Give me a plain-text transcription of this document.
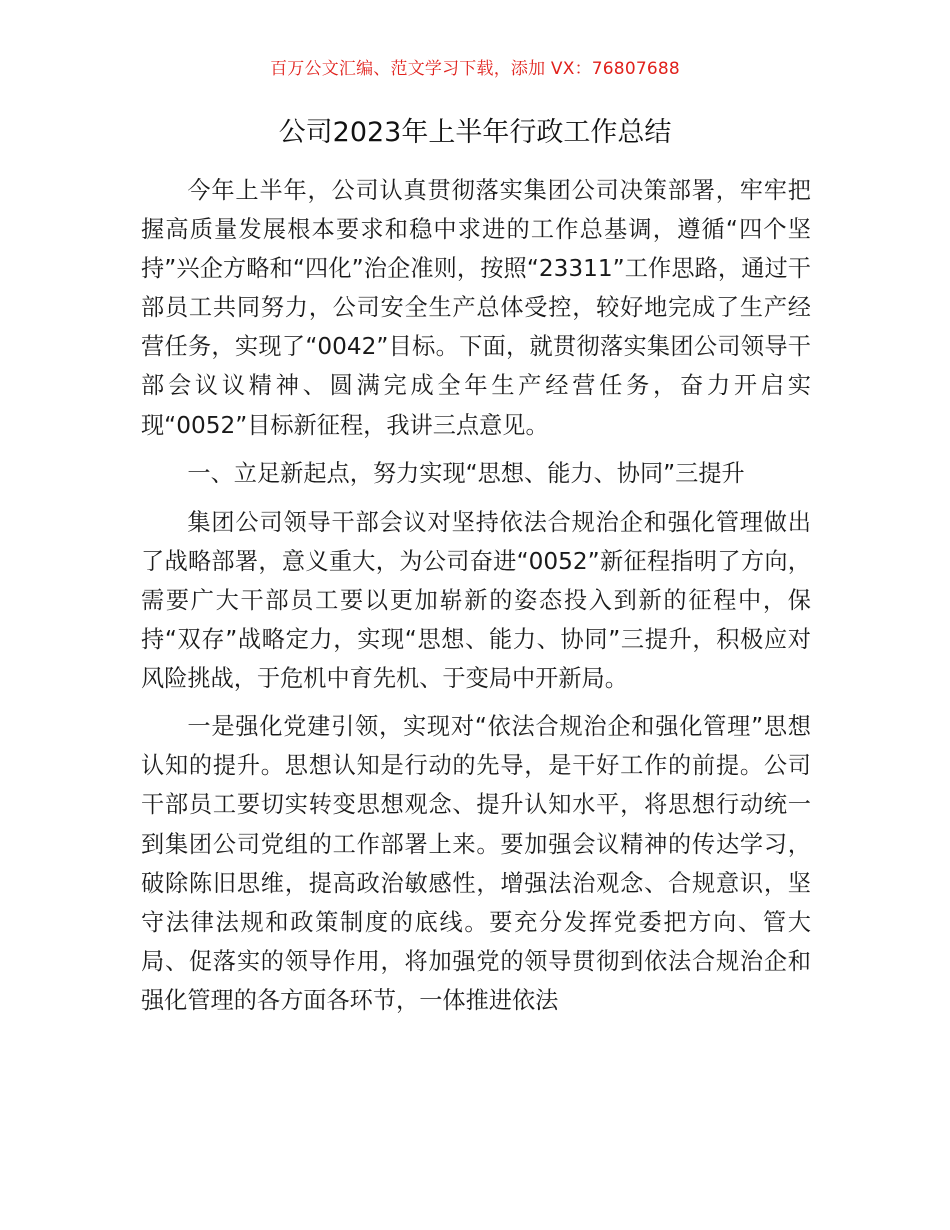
百万公文汇编、范文学习下载，添加 VX：76807688
公司2023年上半年行政工作总结

今年上半年，公司认真贯彻落实集团公司决策部署，牢牢把握高质量发展根本要求和稳中求进的工作总基调，遵循“四个坚持”兴企方略和“四化”治企准则，按照“23311”工作思路，通过干部员工共同努力，公司安全生产总体受控，较好地完成了生产经营任务，实现了“0042”目标。下面，就贯彻落实集团公司领导干部会议议精神、圆满完成全年生产经营任务，奋力开启实现“0052”目标新征程，我讲三点意见。

一、立足新起点，努力实现“思想、能力、协同”三提升

集团公司领导干部会议对坚持依法合规治企和强化管理做出了战略部署，意义重大，为公司奋进“0052”新征程指明了方向，需要广大干部员工要以更加崭新的姿态投入到新的征程中，保持“双存”战略定力，实现“思想、能力、协同”三提升，积极应对风险挑战，于危机中育先机、于变局中开新局。

一是强化党建引领，实现对“依法合规治企和强化管理”思想认知的提升。思想认知是行动的先导，是干好工作的前提。公司干部员工要切实转变思想观念、提升认知水平，将思想行动统一到集团公司党组的工作部署上来。要加强会议精神的传达学习，破除陈旧思维，提高政治敏感性，增强法治观念、合规意识，坚守法律法规和政策制度的底线。要充分发挥党委把方向、管大局、促落实的领导作用，将加强党的领导贯彻到依法合规治企和强化管理的各方面各环节，一体推进依法
